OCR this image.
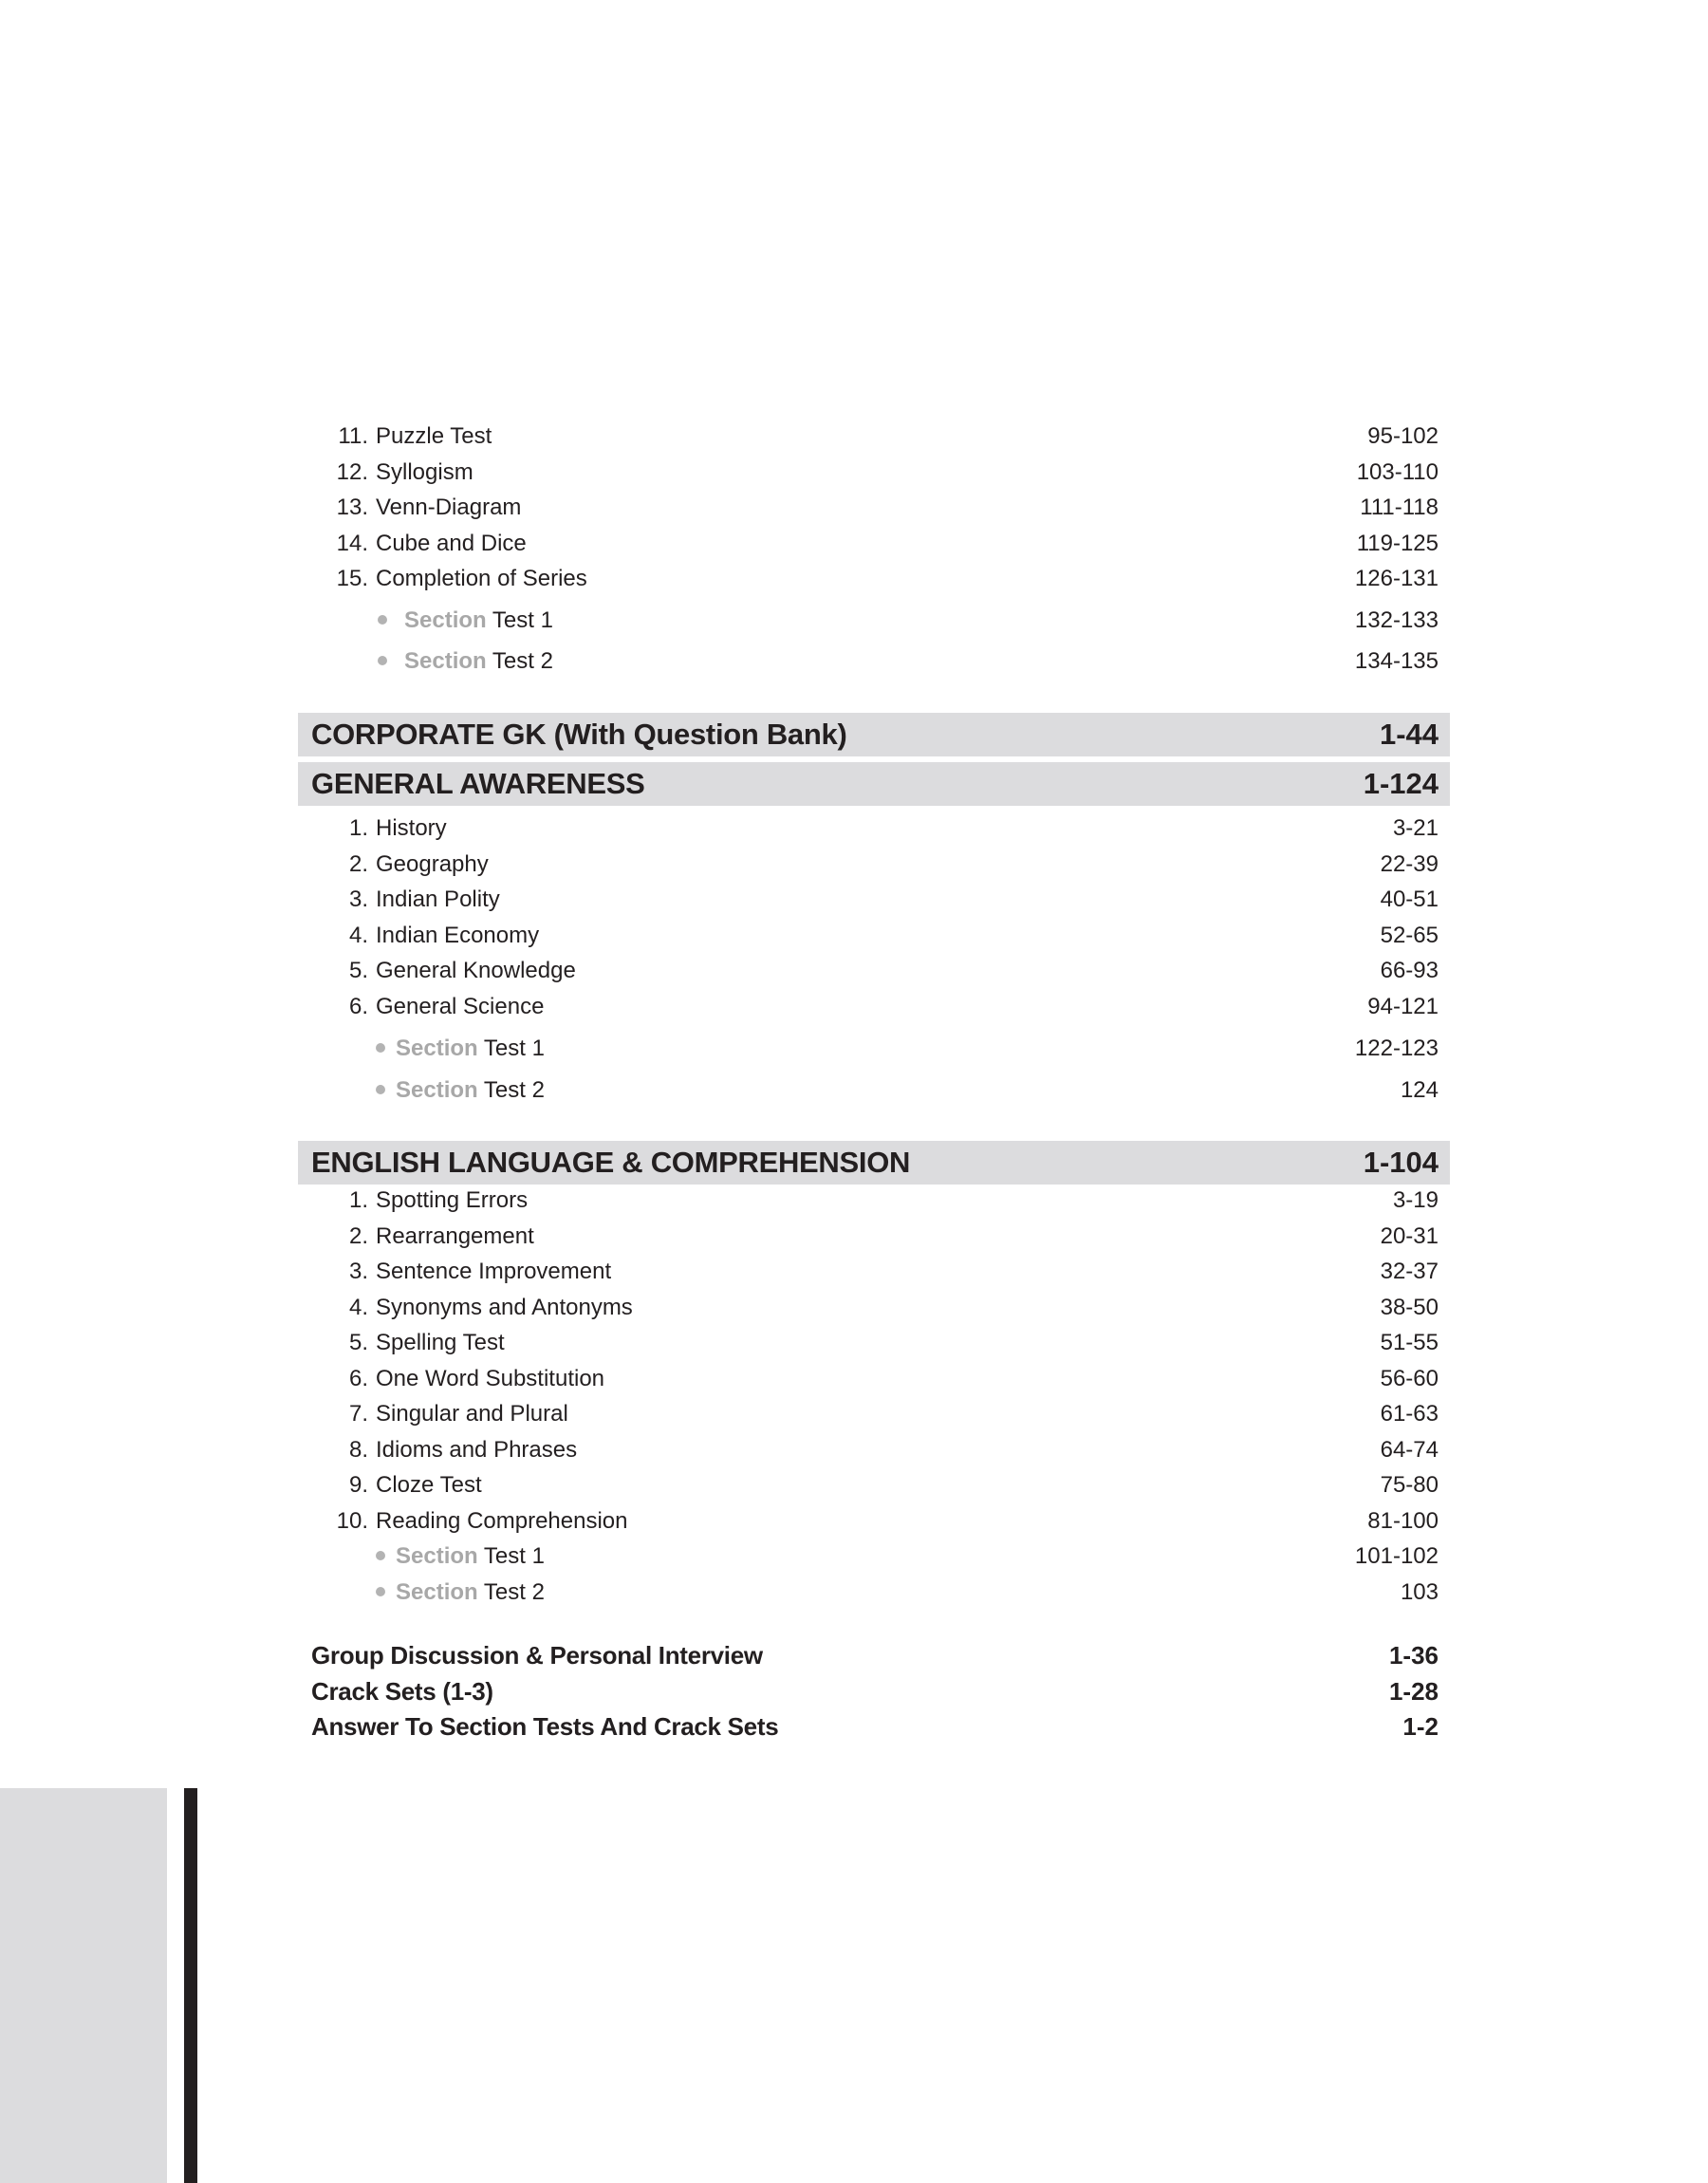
11. Puzzle Test	95-102
12. Syllogism	103-110
13. Venn-Diagram	111-118
14. Cube and Dice	119-125
15. Completion of Series	126-131
Section Test 1	132-133
Section Test 2	134-135
CORPORATE GK (With Question Bank)	1-44
GENERAL AWARENESS	1-124
1. History	3-21
2. Geography	22-39
3. Indian Polity	40-51
4. Indian Economy	52-65
5. General Knowledge	66-93
6. General Science	94-121
Section Test 1	122-123
Section Test 2	124
ENGLISH LANGUAGE & COMPREHENSION	1-104
1. Spotting Errors	3-19
2. Rearrangement	20-31
3. Sentence Improvement	32-37
4. Synonyms and Antonyms	38-50
5. Spelling Test	51-55
6. One Word Substitution	56-60
7. Singular and Plural	61-63
8. Idioms and Phrases	64-74
9. Cloze Test	75-80
10. Reading Comprehension	81-100
Section Test 1	101-102
Section Test 2	103
Group Discussion & Personal Interview	1-36
Crack Sets (1-3)	1-28
Answer To Section Tests And Crack Sets	1-2
